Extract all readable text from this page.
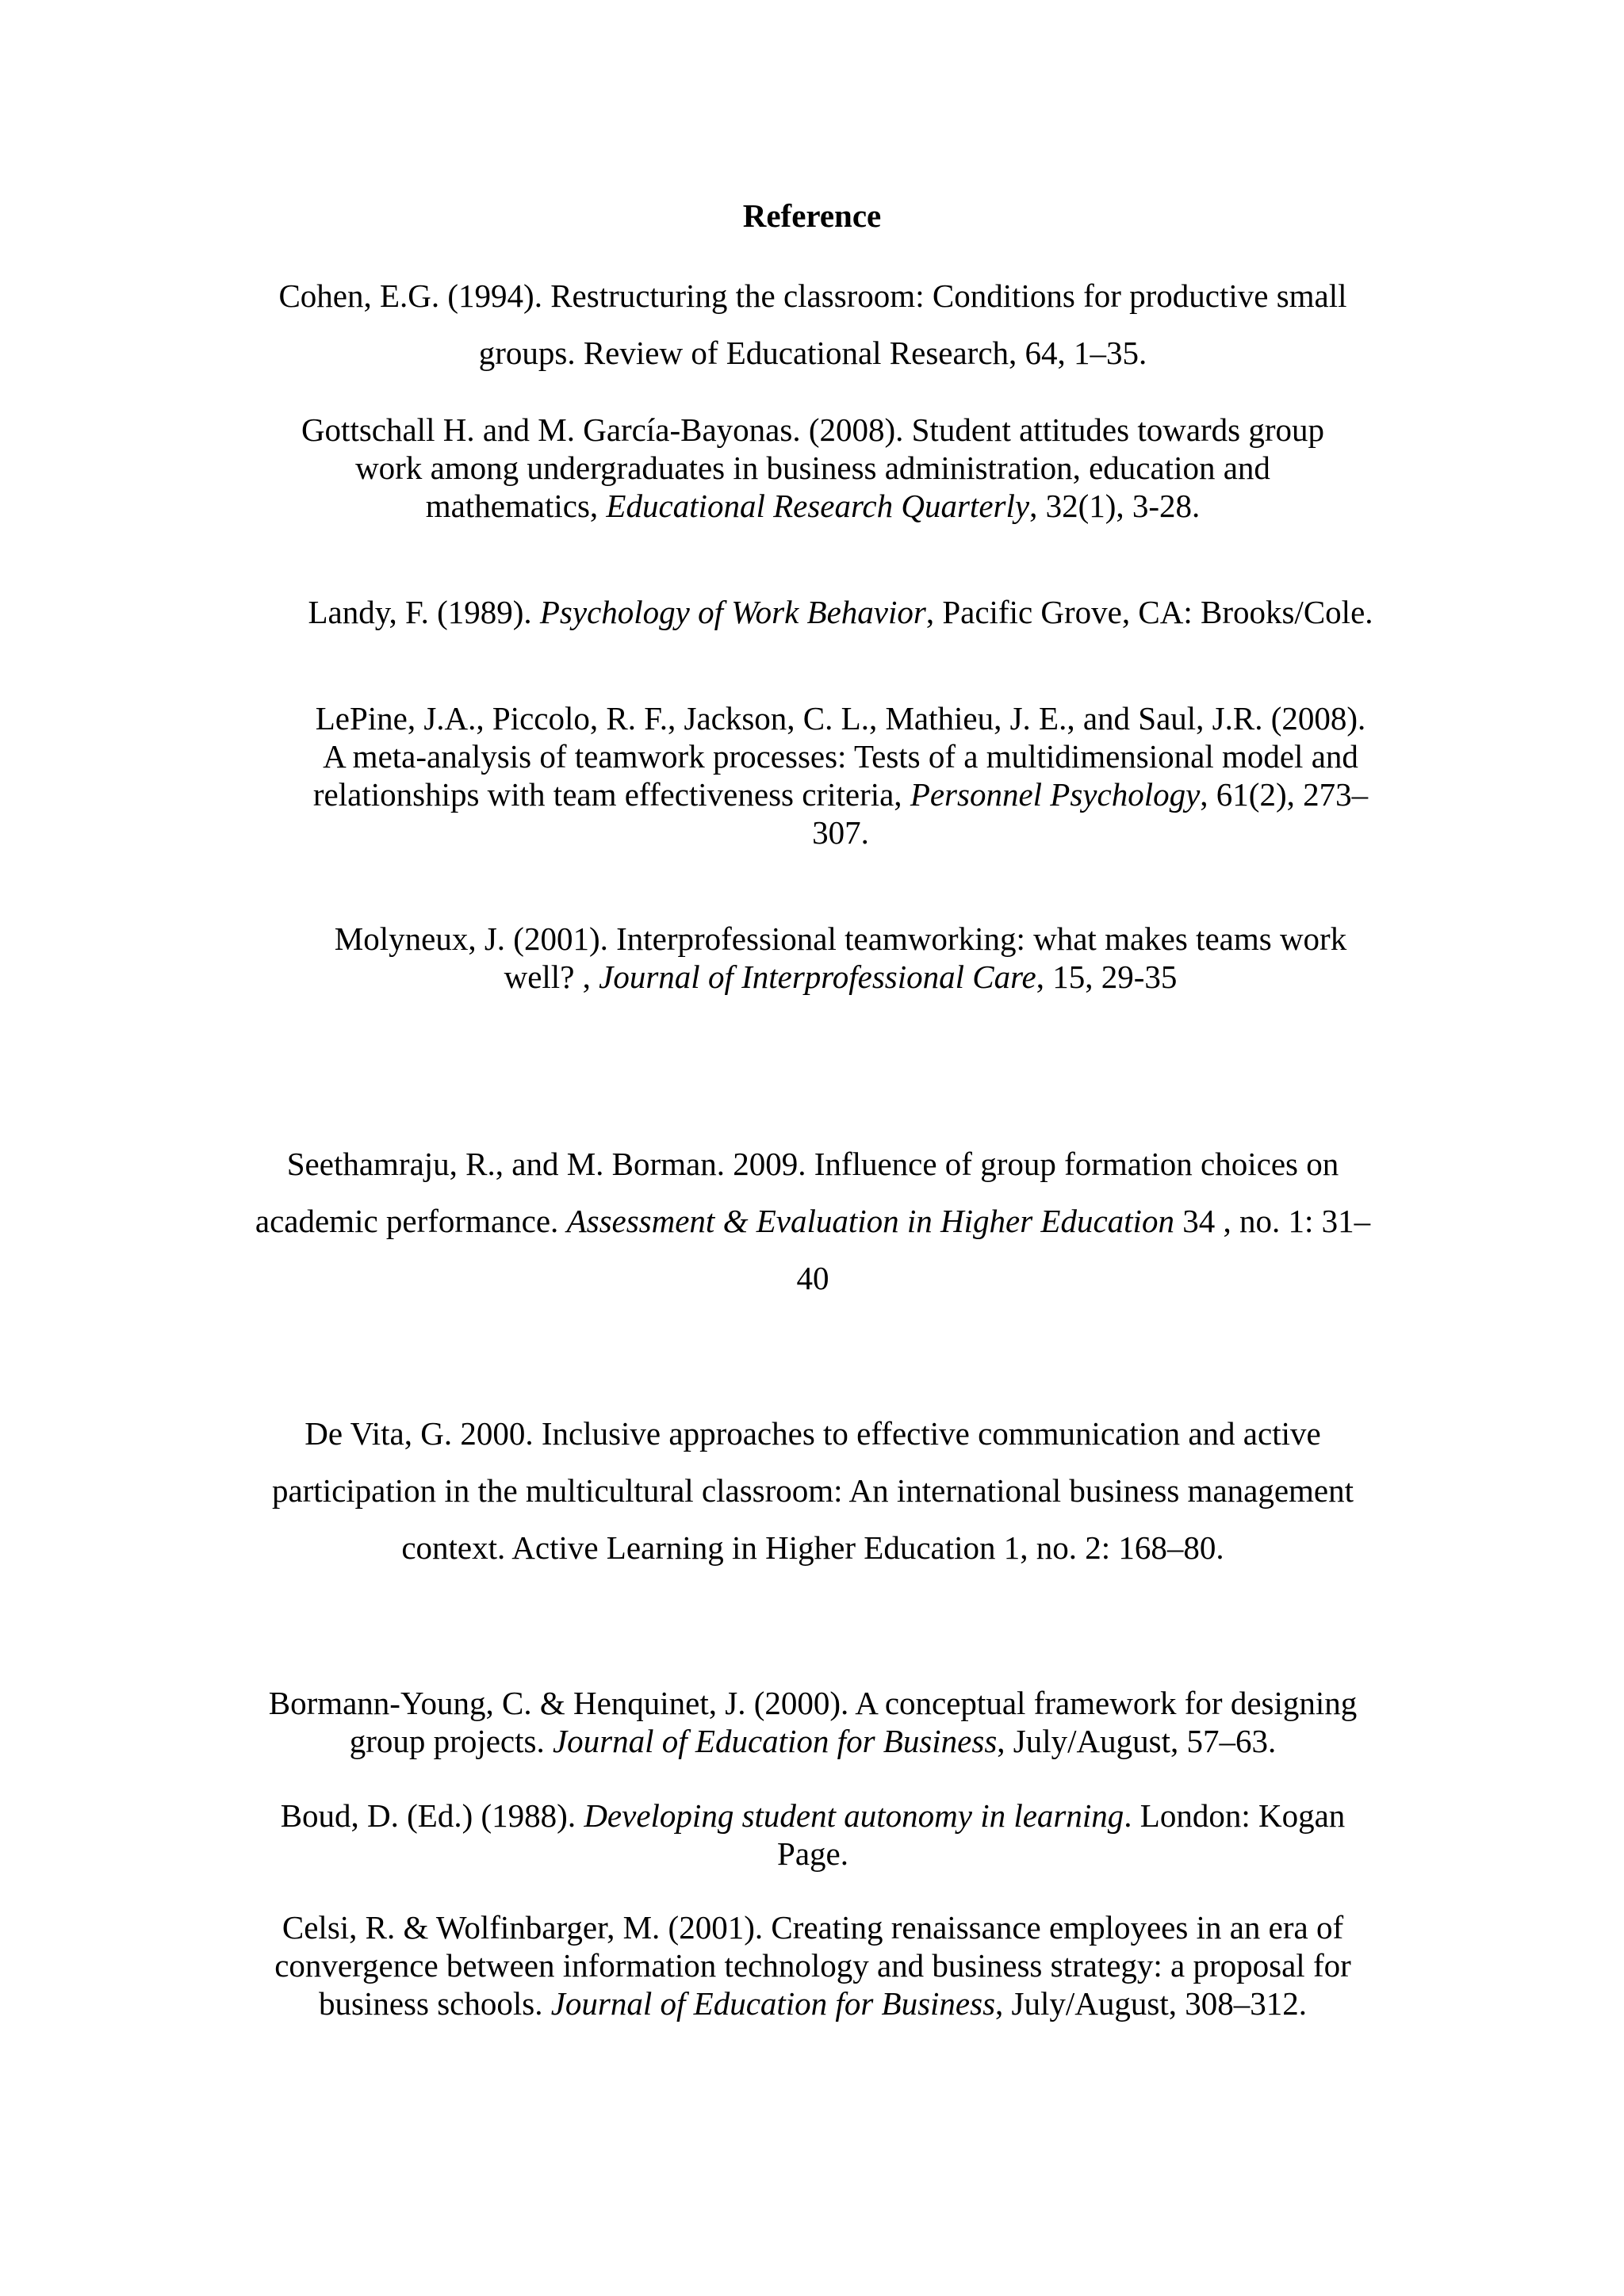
Reference
Cohen, E.G. (1994). Restructuring the classroom: Conditions for productive small
groups. Review of Educational Research, 64, 1–35.
Gottschall H. and M. García-Bayonas. (2008). Student attitudes towards group
work among undergraduates in business administration, education and
mathematics, Educational Research Quarterly, 32(1), 3-28.
Landy, F. (1989). Psychology of Work Behavior, Pacific Grove, CA: Brooks/Cole.
LePine, J.A., Piccolo, R. F., Jackson, C. L., Mathieu, J. E., and Saul, J.R. (2008).
A meta-analysis of teamwork processes: Tests of a multidimensional model and
relationships with team effectiveness criteria, Personnel Psychology, 61(2), 273–
307.
Molyneux, J. (2001). Interprofessional teamworking: what makes teams work
well? , Journal of Interprofessional Care, 15, 29-35
Seethamraju, R., and M. Borman. 2009. Influence of group formation choices on
academic performance. Assessment & Evaluation in Higher Education 34 , no. 1: 31–
40
De Vita, G. 2000. Inclusive approaches to effective communication and active
participation in the multicultural classroom: An international business management
context. Active Learning in Higher Education 1, no. 2: 168–80.
Bormann-Young, C. & Henquinet, J. (2000). A conceptual framework for designing
group projects. Journal of Education for Business, July/August, 57–63.
Boud, D. (Ed.) (1988). Developing student autonomy in learning. London: Kogan
Page.
Celsi, R. & Wolfinbarger, M. (2001). Creating renaissance employees in an era of
convergence between information technology and business strategy: a proposal for
business schools. Journal of Education for Business, July/August, 308–312.
